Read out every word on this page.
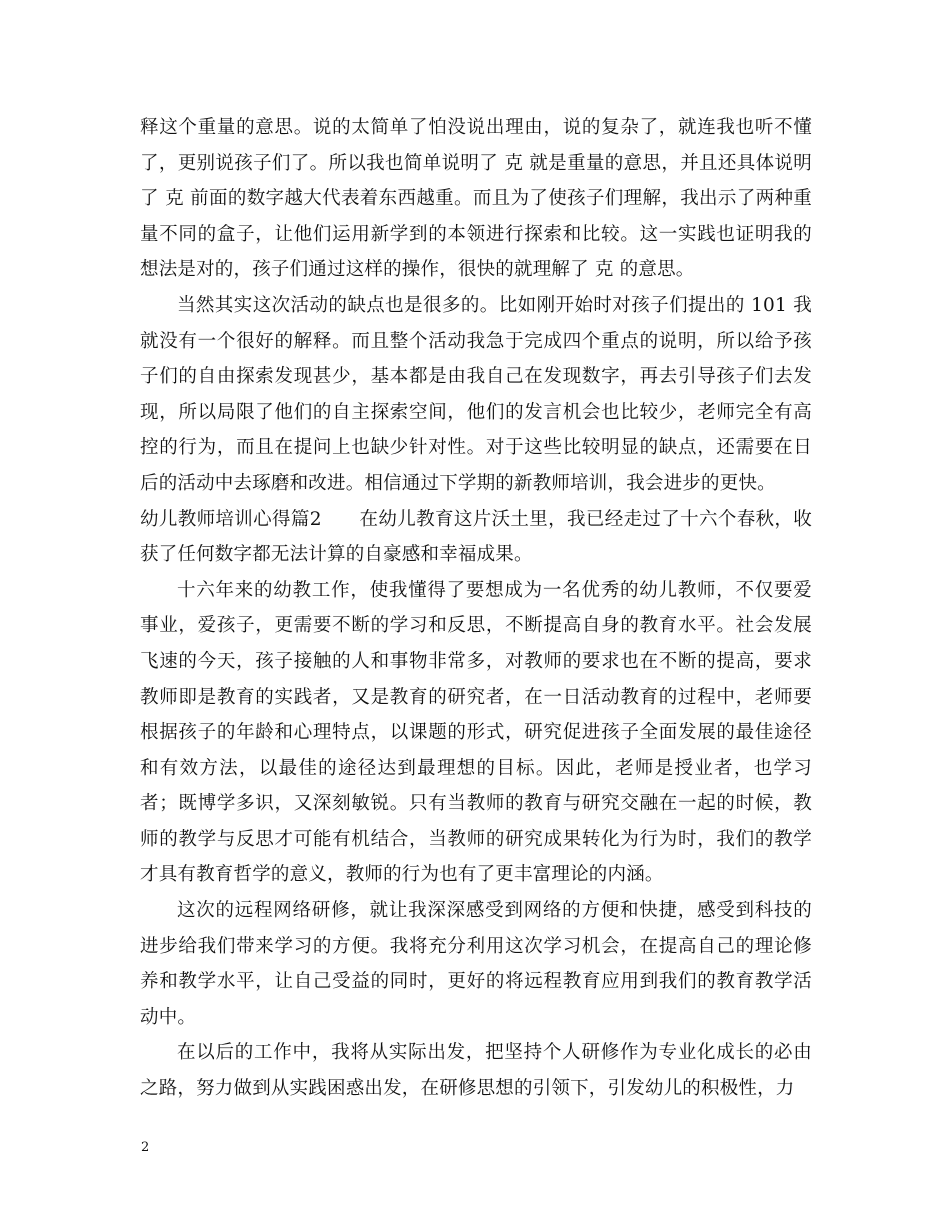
释这个重量的意思。说的太简单了怕没说出理由，说的复杂了，就连我也听不懂了，更别说孩子们了。所以我也简单说明了 克 就是重量的意思，并且还具体说明了 克 前面的数字越大代表着东西越重。而且为了使孩子们理解，我出示了两种重量不同的盒子，让他们运用新学到的本领进行探索和比较。这一实践也证明我的想法是对的，孩子们通过这样的操作，很快的就理解了 克 的意思。

当然其实这次活动的缺点也是很多的。比如刚开始时对孩子们提出的 101 我就没有一个很好的解释。而且整个活动我急于完成四个重点的说明，所以给予孩子们的自由探索发现甚少，基本都是由我自己在发现数字，再去引导孩子们去发现，所以局限了他们的自主探索空间，他们的发言机会也比较少，老师完全有高控的行为，而且在提问上也缺少针对性。对于这些比较明显的缺点，还需要在日后的活动中去琢磨和改进。相信通过下学期的新教师培训，我会进步的更快。

幼儿教师培训心得篇2　　在幼儿教育这片沃土里，我已经走过了十六个春秋，收获了任何数字都无法计算的自豪感和幸福成果。

十六年来的幼教工作，使我懂得了要想成为一名优秀的幼儿教师，不仅要爱事业，爱孩子，更需要不断的学习和反思，不断提高自身的教育水平。社会发展飞速的今天，孩子接触的人和事物非常多，对教师的要求也在不断的提高，要求教师即是教育的实践者，又是教育的研究者，在一日活动教育的过程中，老师要根据孩子的年龄和心理特点，以课题的形式，研究促进孩子全面发展的最佳途径和有效方法，以最佳的途径达到最理想的目标。因此，老师是授业者，也学习者；既博学多识，又深刻敏锐。只有当教师的教育与研究交融在一起的时候，教师的教学与反思才可能有机结合，当教师的研究成果转化为行为时，我们的教学才具有教育哲学的意义，教师的行为也有了更丰富理论的内涵。

这次的远程网络研修，就让我深深感受到网络的方便和快捷，感受到科技的进步给我们带来学习的方便。我将充分利用这次学习机会，在提高自己的理论修养和教学水平，让自己受益的同时，更好的将远程教育应用到我们的教育教学活动中。

在以后的工作中，我将从实际出发，把坚持个人研修作为专业化成长的必由之路，努力做到从实践困惑出发，在研修思想的引领下，引发幼儿的积极性，力

2
